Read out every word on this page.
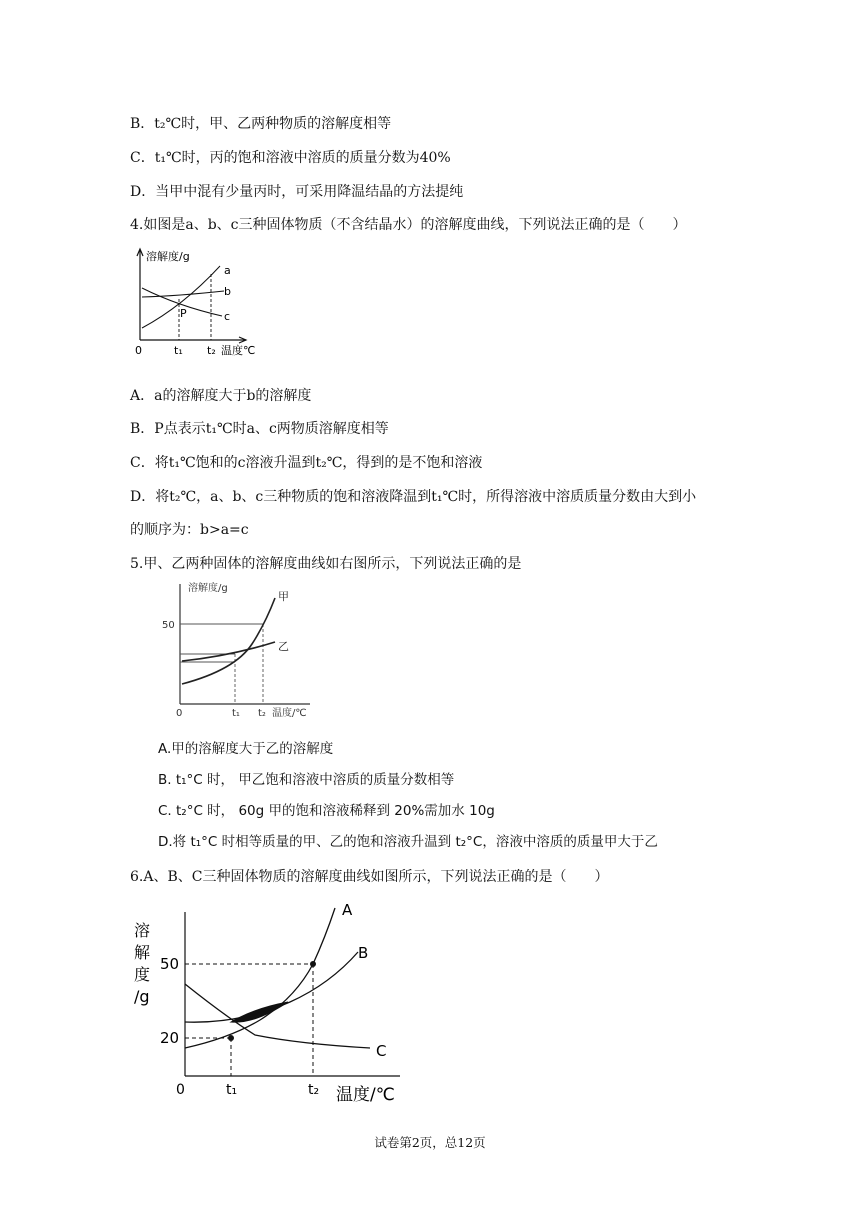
B．t₂℃时，甲、乙两种物质的溶解度相等
C．t₁℃时，丙的饱和溶液中溶质的质量分数为40%
D．当甲中混有少量丙时，可采用降温结晶的方法提纯
4.如图是a、b、c三种固体物质（不含结晶水）的溶解度曲线，下列说法正确的是（　　）
溶解度/g
a
b
c
P
0	t₁ t₂ 温度℃
A．a的溶解度大于b的溶解度
B．P点表示t₁℃时a、c两物质溶解度相等
C．将t₁℃饱和的c溶液升温到t₂℃，得到的是不饱和溶液
D．将t₂℃，a、b、c三种物质的饱和溶液降温到t₁℃时，所得溶液中溶质质量分数由大到小
的顺序为：b>a=c
5.甲、乙两种固体的溶解度曲线如右图所示，下列说法正确的是
溶解度/g
甲
乙
50
0	t₁ t₂ 温度/℃
A.甲的溶解度大于乙的溶解度
B. t₁°C 时， 甲乙饱和溶液中溶质的质量分数相等
C. t₂°C 时， 60g 甲的饱和溶液稀释到 20%需加水 10g
D.将 t₁°C 时相等质量的甲、乙的饱和溶液升温到 t₂°C，溶液中溶质的质量甲大于乙
6.A、B、C三种固体物质的溶解度曲线如图所示，下列说法正确的是（　　）
溶
解
度
/g
50
20
A
B
C
0	t₁	t₂ 温度/℃
试卷第2页，总12页
